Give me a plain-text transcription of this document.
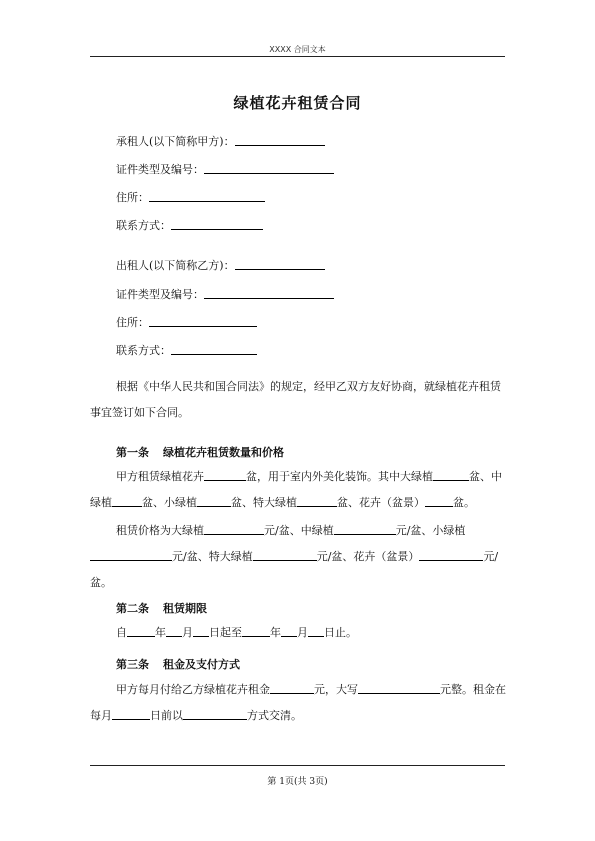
XXXX 合同文本
绿植花卉租赁合同
承租人(以下简称甲方)：
证件类型及编号：
住所：
联系方式：
出租人(以下简称乙方)：
证件类型及编号：
住所：
联系方式：
根据《中华人民共和国合同法》的规定，经甲乙双方友好协商，就绿植花卉租赁事宜签订如下合同。
第一条 绿植花卉租赁数量和价格
甲方租赁绿植花卉	盆，用于室内外美化装饰。其中大绿植	盆、中绿植	盆、小绿植	盆、特大绿植	盆、花卉（盆景）	盆。
租赁价格为大绿植	元/盆、中绿植	元/盆、小绿植元/盆、特大绿植	元/盆、花卉（盆景）	元/盆。
第二条 租赁期限
自	年 月 日起至	年 月 日止。
第三条 租金及支付方式
甲方每月付给乙方绿植花卉租金	元，大写	元整。租金在每月	日前以	方式交清。
第 1页(共 3页)
